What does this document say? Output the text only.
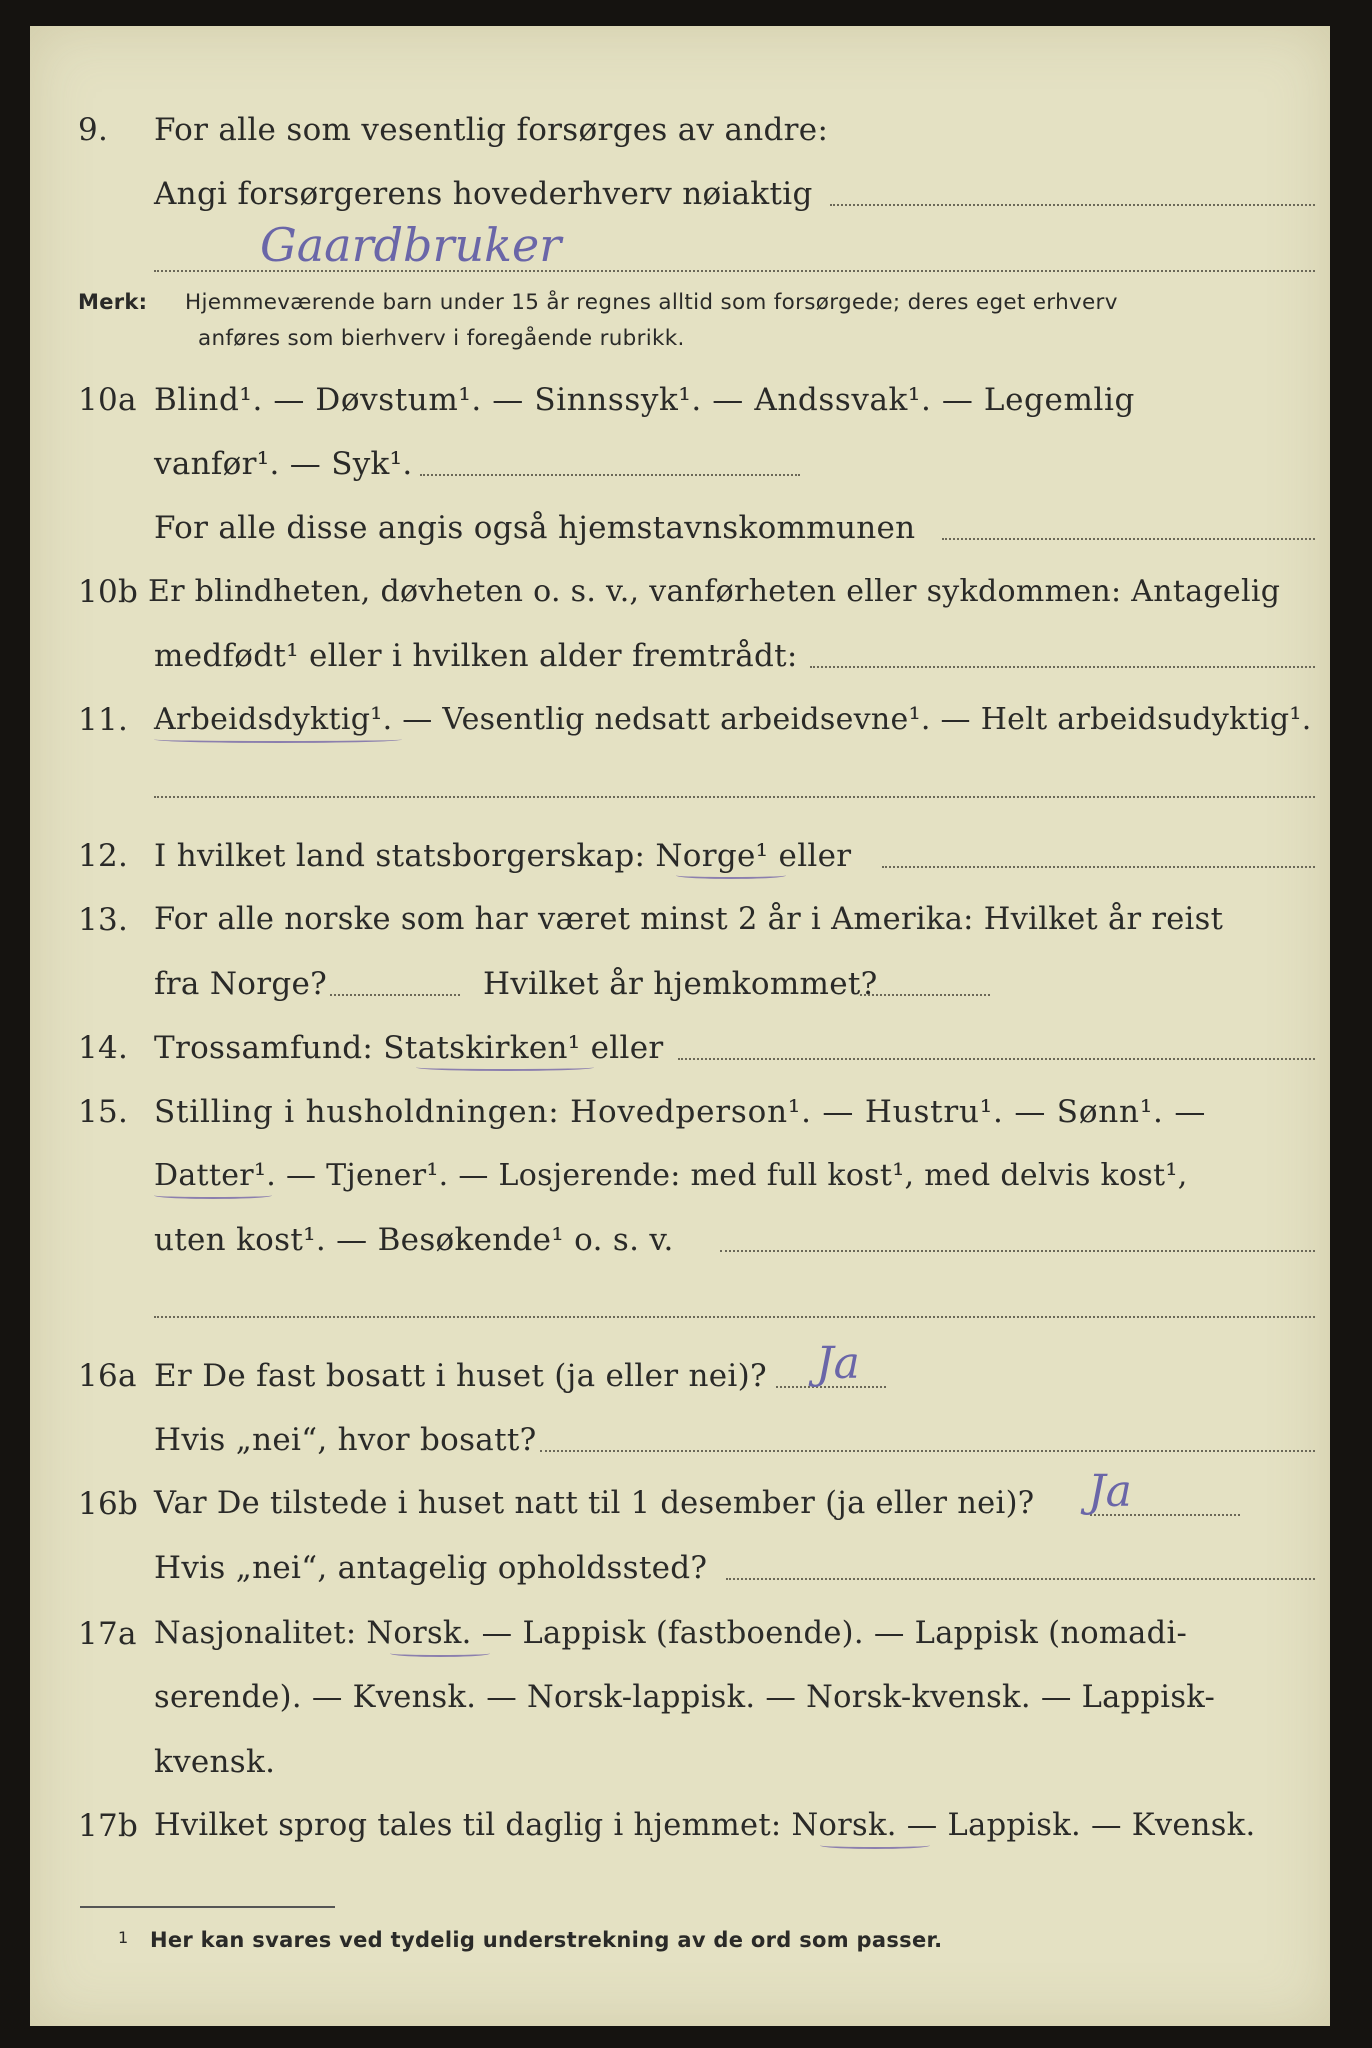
9. For alle som vesentlig forsørges av andre:
Angi forsørgerens hovederhverv nøiaktig
Gaardbruker
Merk: Hjemmeværende barn under 15 år regnes alltid som forsørgede; deres eget erhverv
anføres som bierhverv i foregående rubrikk.
10a Blind¹. — Døvstum¹. — Sinnssyk¹. — Andssvak¹. — Legemlig
vanfør¹. — Syk¹.
For alle disse angis også hjemstavnskommunen
10b Er blindheten, døvheten o. s. v., vanførheten eller sykdommen: Antagelig
medfødt¹ eller i hvilken alder fremtrådt:
11. Arbeidsdyktig¹. — Vesentlig nedsatt arbeidsevne¹. — Helt arbeidsudyktig¹.
12. I hvilket land statsborgerskap: Norge¹ eller
13. For alle norske som har været minst 2 år i Amerika: Hvilket år reist
fra Norge?	Hvilket år hjemkommet?
14. Trossamfund: Statskirken¹ eller
15. Stilling i husholdningen: Hovedperson¹. — Hustru¹. — Sønn¹. —
Datter¹. — Tjener¹. — Losjerende: med full kost¹, med delvis kost¹,
uten kost¹. — Besøkende¹ o. s. v.
16a Er De fast bosatt i huset (ja eller nei)? Ja
Hvis „nei“, hvor bosatt?
16b Var De tilstede i huset natt til 1 desember (ja eller nei)? Ja
Hvis „nei“, antagelig opholdssted?
17a Nasjonalitet: Norsk. — Lappisk (fastboende). — Lappisk (nomadi-
serende). — Kvensk. — Norsk-lappisk. — Norsk-kvensk. — Lappisk-
kvensk.
17b Hvilket sprog tales til daglig i hjemmet: Norsk. — Lappisk. — Kvensk.
1 Her kan svares ved tydelig understrekning av de ord som passer.
